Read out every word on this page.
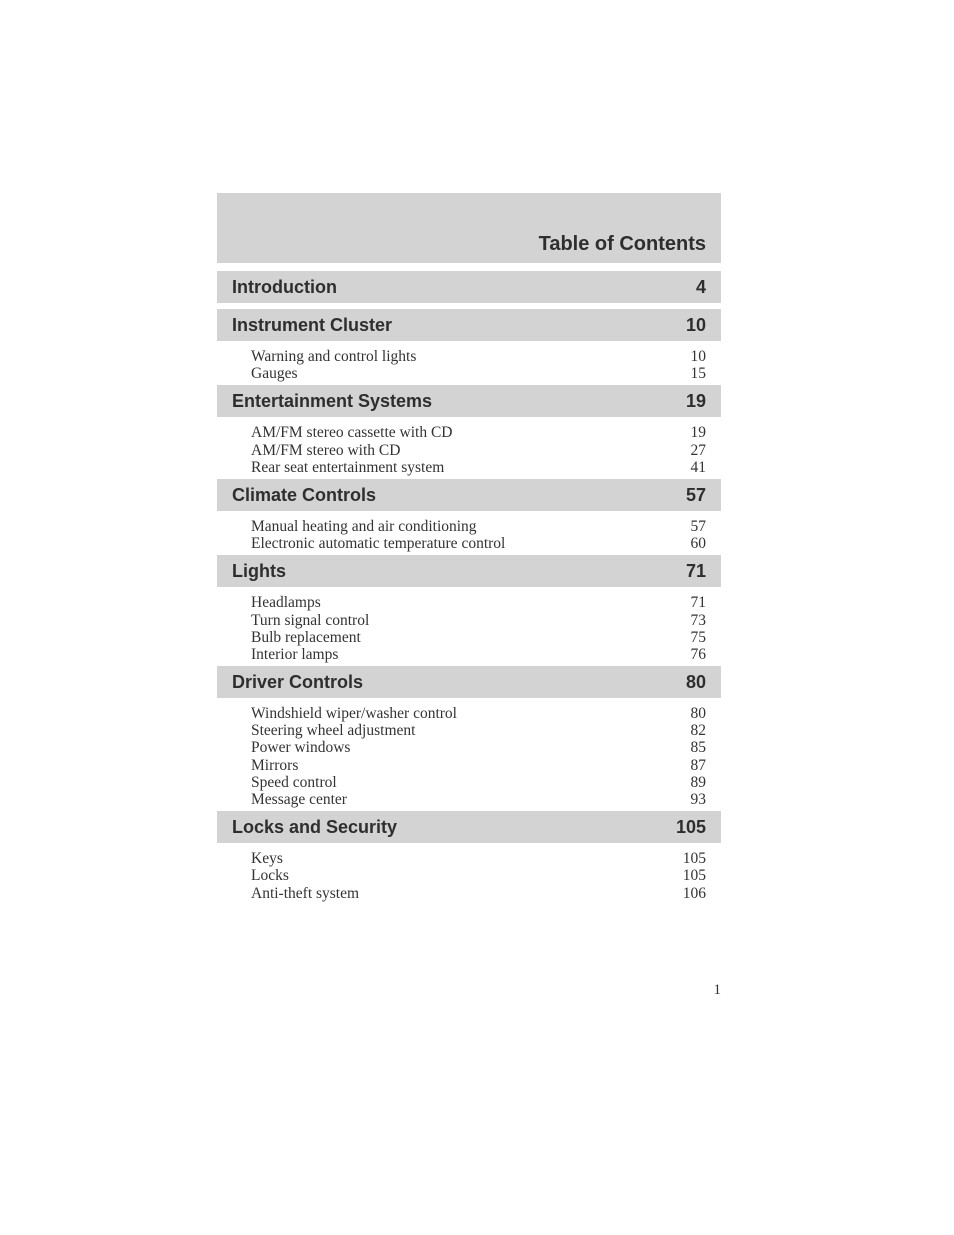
Table of Contents
Introduction	4
Instrument Cluster	10
Warning and control lights	10
Gauges	15
Entertainment Systems	19
AM/FM stereo cassette with CD	19
AM/FM stereo with CD	27
Rear seat entertainment system	41
Climate Controls	57
Manual heating and air conditioning	57
Electronic automatic temperature control	60
Lights	71
Headlamps	71
Turn signal control	73
Bulb replacement	75
Interior lamps	76
Driver Controls	80
Windshield wiper/washer control	80
Steering wheel adjustment	82
Power windows	85
Mirrors	87
Speed control	89
Message center	93
Locks and Security	105
Keys	105
Locks	105
Anti-theft system	106
1
